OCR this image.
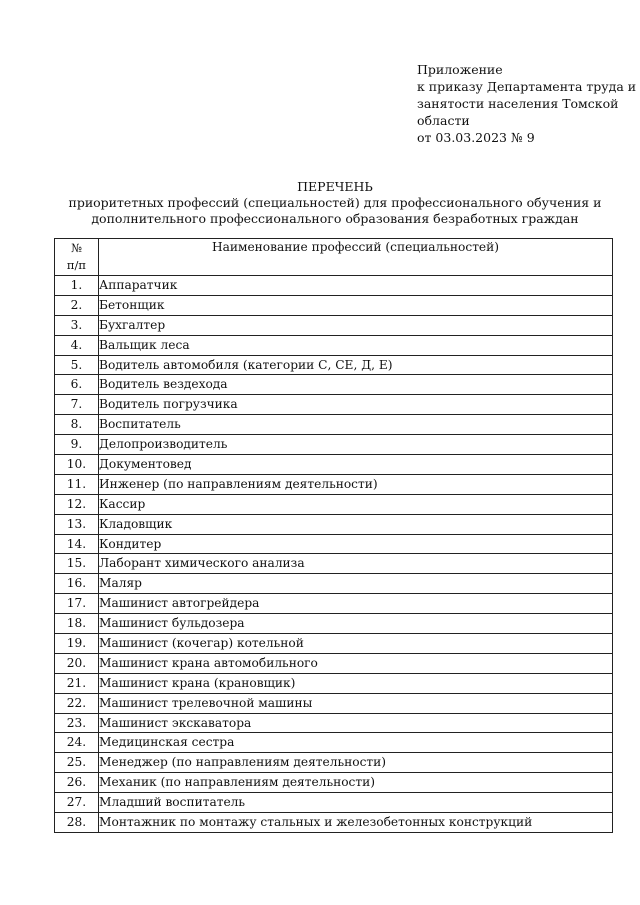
Приложение
к приказу Департамента труда и
занятости населения Томской
области
от 03.03.2023 № 9
ПЕРЕЧЕНЬ
приоритетных профессий (специальностей) для профессионального обучения и
дополнительного профессионального образования безработных граждан
№
п/п	Наименование профессий (специальностей)
1.	Аппаратчик
2.	Бетонщик
3.	Бухгалтер
4.	Вальщик леса
5.	Водитель автомобиля (категории С, СЕ, Д, Е)
6.	Водитель вездехода
7.	Водитель погрузчика
8.	Воспитатель
9.	Делопроизводитель
10.	Документовед
11.	Инженер (по направлениям деятельности)
12.	Кассир
13.	Кладовщик
14.	Кондитер
15.	Лаборант химического анализа
16.	Маляр
17.	Машинист автогрейдера
18.	Машинист бульдозера
19.	Машинист (кочегар) котельной
20.	Машинист крана автомобильного
21.	Машинист крана (крановщик)
22.	Машинист трелевочной машины
23.	Машинист экскаватора
24.	Медицинская сестра
25.	Менеджер (по направлениям деятельности)
26.	Механик (по направлениям деятельности)
27.	Младший воспитатель
28.	Монтажник по монтажу стальных и железобетонных конструкций
